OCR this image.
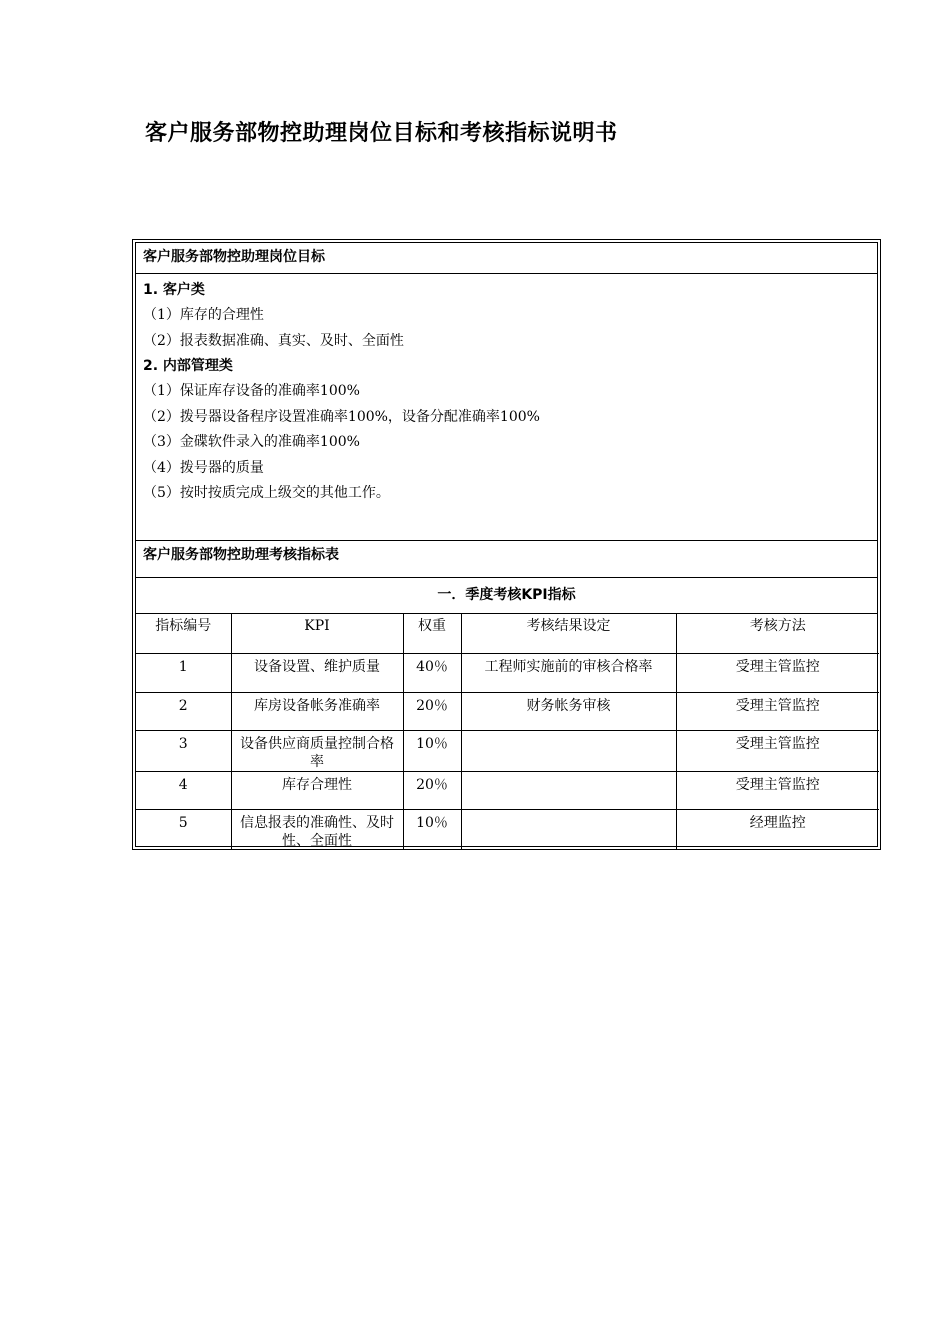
客户服务部物控助理岗位目标和考核指标说明书
客户服务部物控助理岗位目标
1. 客户类
（1）库存的合理性
（2）报表数据准确、真实、及时、全面性
2. 内部管理类
（1）保证库存设备的准确率100%
（2）拨号器设备程序设置准确率100%，设备分配准确率100%
（3）金碟软件录入的准确率100%
（4）拨号器的质量
（5）按时按质完成上级交的其他工作。
客户服务部物控助理考核指标表
一．季度考核KPI指标
指标编号	KPI	权重	考核结果设定	考核方法
1	设备设置、维护质量	40％	工程师实施前的审核合格率	受理主管监控
2	库房设备帐务准确率	20％	财务帐务审核	受理主管监控
3	设备供应商质量控制合格率	10％		受理主管监控
4	库存合理性	20％		受理主管监控
5	信息报表的准确性、及时性、全面性	10％		经理监控
